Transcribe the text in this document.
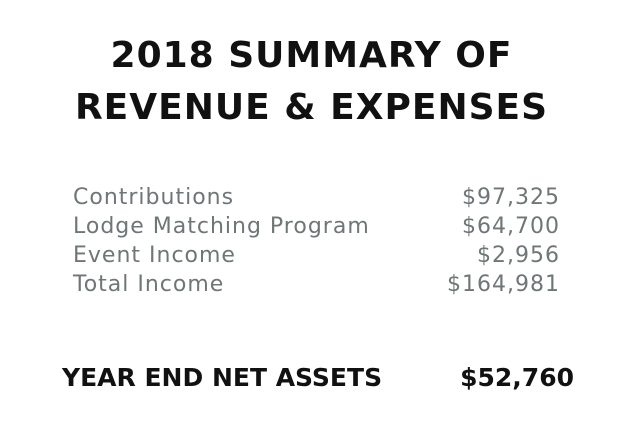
2018 SUMMARY OF
REVENUE & EXPENSES
Contributions	$97,325
Lodge Matching Program	$64,700
Event Income	$2,956
Total Income	$164,981
YEAR END NET ASSETS	$52,760
